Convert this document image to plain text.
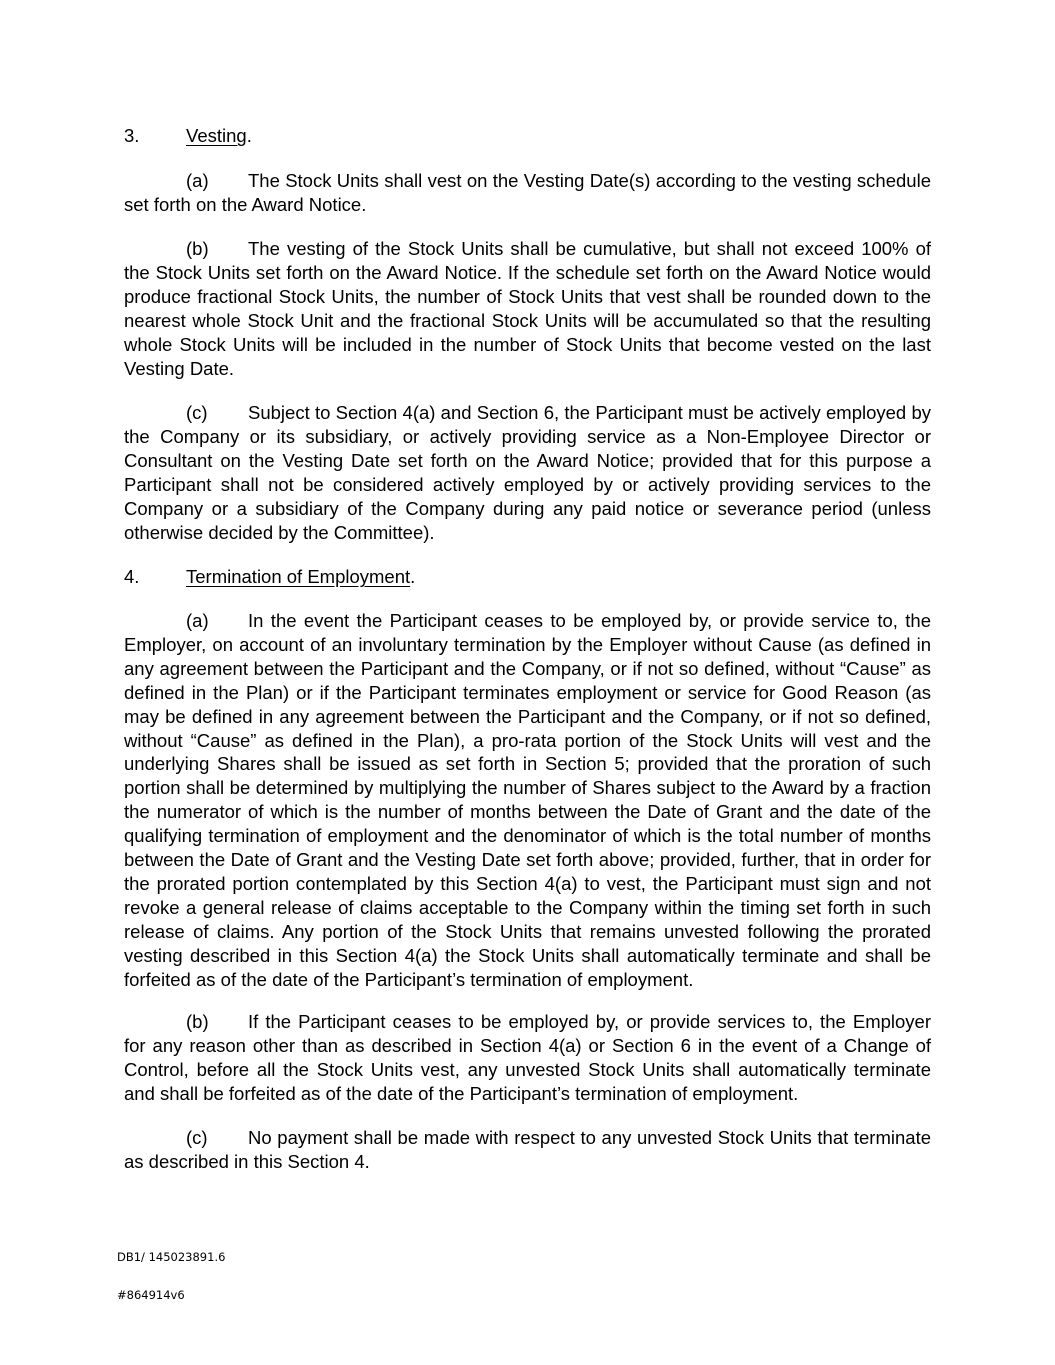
3.	Vesting.

(a) The Stock Units shall vest on the Vesting Date(s) according to the vesting schedule set forth on the Award Notice.

(b) The vesting of the Stock Units shall be cumulative, but shall not exceed 100% of the Stock Units set forth on the Award Notice. If the schedule set forth on the Award Notice would produce fractional Stock Units, the number of Stock Units that vest shall be rounded down to the nearest whole Stock Unit and the fractional Stock Units will be accumulated so that the resulting whole Stock Units will be included in the number of Stock Units that become vested on the last Vesting Date.

(c) Subject to Section 4(a) and Section 6, the Participant must be actively employed by the Company or its subsidiary, or actively providing service as a Non-Employee Director or Consultant on the Vesting Date set forth on the Award Notice; provided that for this purpose a Participant shall not be considered actively employed by or actively providing services to the Company or a subsidiary of the Company during any paid notice or severance period (unless otherwise decided by the Committee).

4.	Termination of Employment.

(a) In the event the Participant ceases to be employed by, or provide service to, the Employer, on account of an involuntary termination by the Employer without Cause (as defined in any agreement between the Participant and the Company, or if not so defined, without “Cause” as defined in the Plan) or if the Participant terminates employment or service for Good Reason (as may be defined in any agreement between the Participant and the Company, or if not so defined, without “Cause” as defined in the Plan), a pro-rata portion of the Stock Units will vest and the underlying Shares shall be issued as set forth in Section 5; provided that the proration of such portion shall be determined by multiplying the number of Shares subject to the Award by a fraction the numerator of which is the number of months between the Date of Grant and the date of the qualifying termination of employment and the denominator of which is the total number of months between the Date of Grant and the Vesting Date set forth above; provided, further, that in order for the prorated portion contemplated by this Section 4(a) to vest, the Participant must sign and not revoke a general release of claims acceptable to the Company within the timing set forth in such release of claims. Any portion of the Stock Units that remains unvested following the prorated vesting described in this Section 4(a) the Stock Units shall automatically terminate and shall be forfeited as of the date of the Participant’s termination of employment.

(b) If the Participant ceases to be employed by, or provide services to, the Employer for any reason other than as described in Section 4(a) or Section 6 in the event of a Change of Control, before all the Stock Units vest, any unvested Stock Units shall automatically terminate and shall be forfeited as of the date of the Participant’s termination of employment.

(c) No payment shall be made with respect to any unvested Stock Units that terminate as described in this Section 4.

DB1/ 145023891.6
#864914v6
